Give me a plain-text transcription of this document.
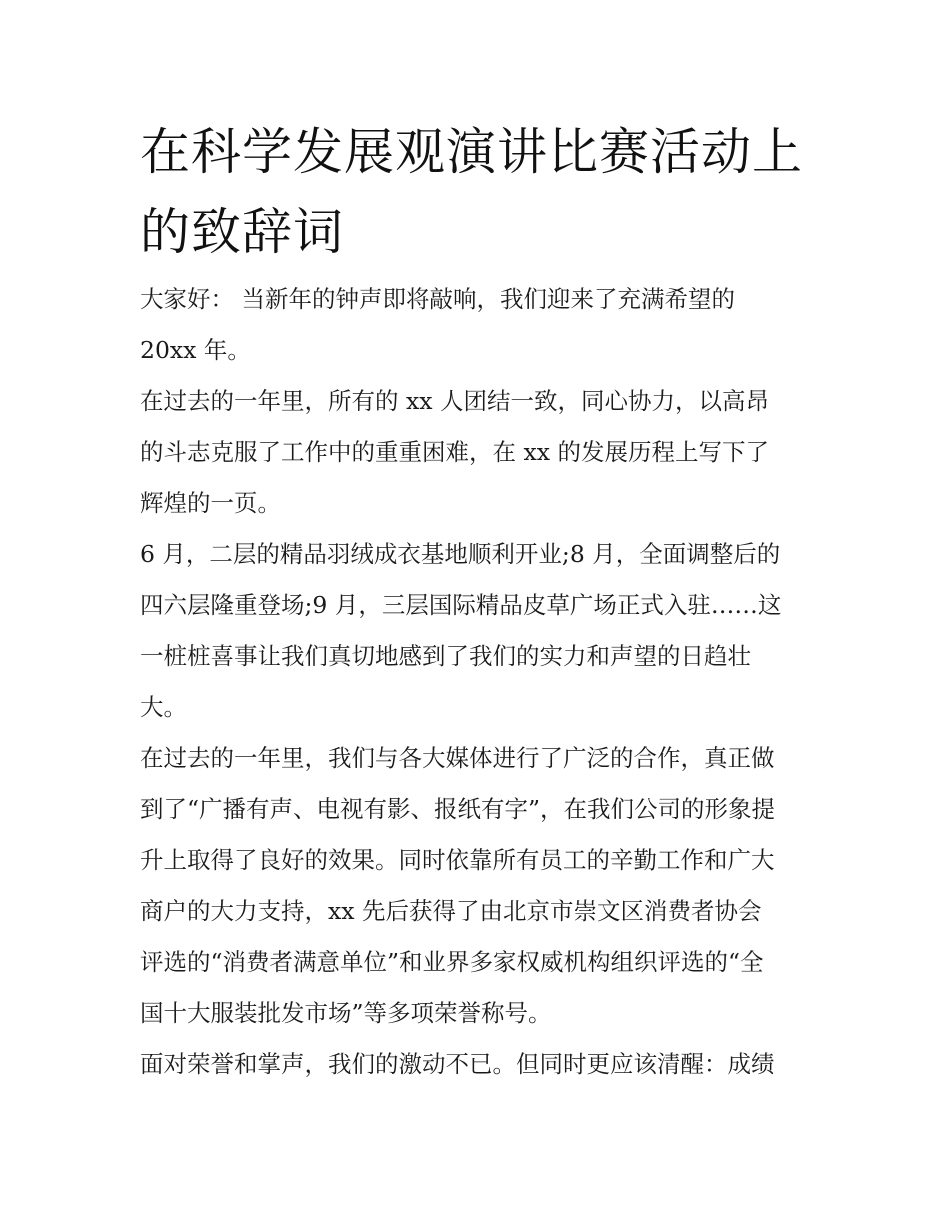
在科学发展观演讲比赛活动上
的致辞词

大家好： 当新年的钟声即将敲响，我们迎来了充满希望的

20xx 年。

在过去的一年里，所有的 xx 人团结一致，同心协力，以高昂

的斗志克服了工作中的重重困难，在 xx 的发展历程上写下了

辉煌的一页。

6 月，二层的精品羽绒成衣基地顺利开业;8 月，全面调整后的

四六层隆重登场;9 月，三层国际精品皮草广场正式入驻……这

一桩桩喜事让我们真切地感到了我们的实力和声望的日趋壮

大。

在过去的一年里，我们与各大媒体进行了广泛的合作，真正做

到了“广播有声、电视有影、报纸有字”，在我们公司的形象提

升上取得了良好的效果。同时依靠所有员工的辛勤工作和广大

商户的大力支持，xx 先后获得了由北京市崇文区消费者协会

评选的“消费者满意单位”和业界多家权威机构组织评选的“全

国十大服装批发市场”等多项荣誉称号。

面对荣誉和掌声，我们的激动不已。但同时更应该清醒：成绩
